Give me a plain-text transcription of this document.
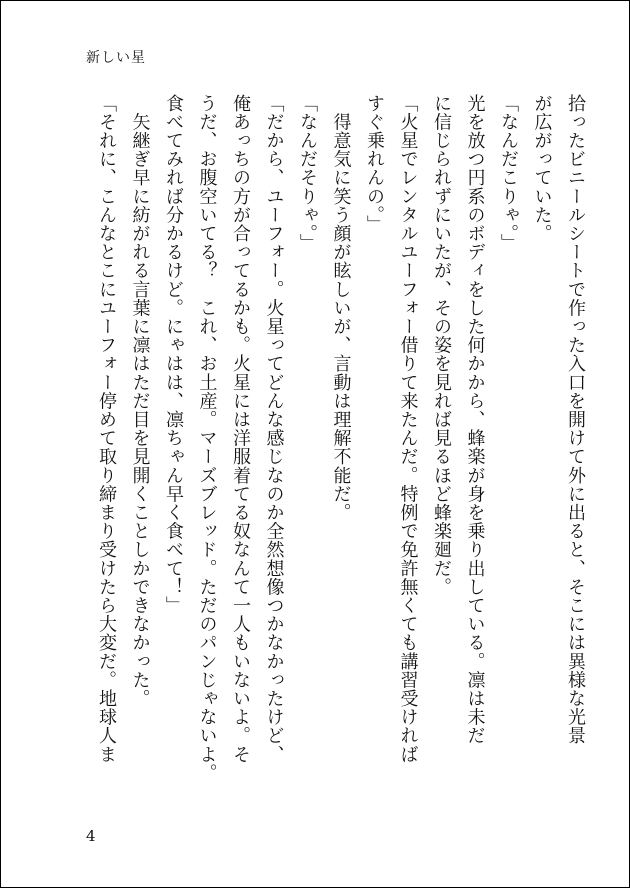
新しい星
拾ったビニールシートで作った入口を開けて外に出ると、そこには異様な光景
が広がっていた。
「なんだこりゃ。」
光を放つ円系のボディをした何かから、蜂楽が身を乗り出している。凛は未だ
に信じられずにいたが、その姿を見れば見るほど蜂楽廻だ。
「火星でレンタルユーフォー借りて来たんだ。特例で免許無くても講習受ければ
すぐ乗れんの。」
　得意気に笑う顔が眩しいが、言動は理解不能だ。
「なんだそりゃ。」
「だから、ユーフォー。火星ってどんな感じなのか全然想像つかなかったけど、
俺あっちの方が合ってるかも。火星には洋服着てる奴なんて一人もいないよ。そ
うだ、お腹空いてる？　これ、お土産。マーズブレッド。ただのパンじゃないよ。
食べてみれば分かるけど。にゃはは、凛ちゃん早く食べて！」
　矢継ぎ早に紡がれる言葉に凛はただ目を見開くことしかできなかった。
「それに、こんなとこにユーフォー停めて取り締まり受けたら大変だ。地球人ま
4
